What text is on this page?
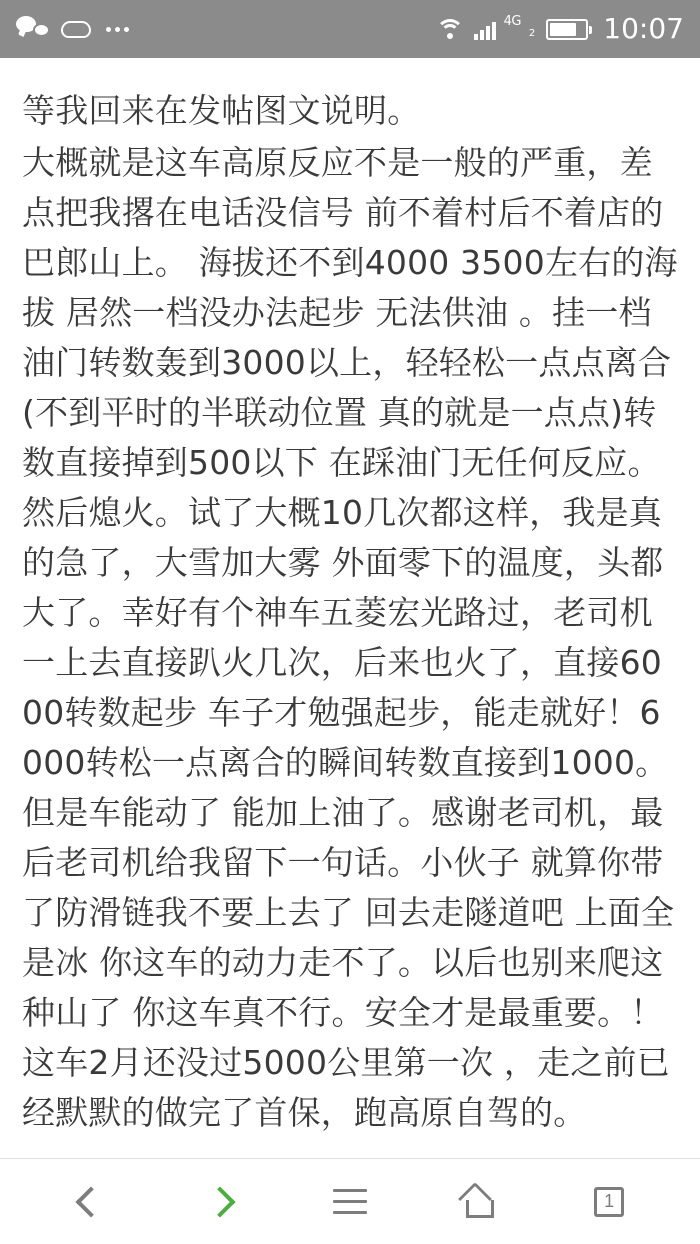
4G
2 10:07

等我回来在发帖图文说明。

大概就是这车高原反应不是一般的严重，差点把我撂在电话没信号 前不着村后不着店的巴郎山上。 海拔还不到4000 3500左右的海拔 居然一档没办法起步 无法供油 。挂一档 油门转数轰到3000以上，轻轻松一点点离合(不到平时的半联动位置 真的就是一点点)转数直接掉到500以下 在踩油门无任何反应。然后熄火。试了大概10几次都这样，我是真的急了，大雪加大雾 外面零下的温度，头都大了。幸好有个神车五菱宏光路过，老司机一上去直接趴火几次，后来也火了，直接6000转数起步 车子才勉强起步，能走就好！6000转松一点离合的瞬间转数直接到1000。但是车能动了 能加上油了。感谢老司机，最后老司机给我留下一句话。小伙子 就算你带了防滑链我不要上去了 回去走隧道吧 上面全是冰 你这车的动力走不了。以后也别来爬这种山了 你这车真不行。安全才是最重要。！ 这车2月还没过5000公里第一次 ，走之前已经默默的做完了首保，跑高原自驾的。

1
